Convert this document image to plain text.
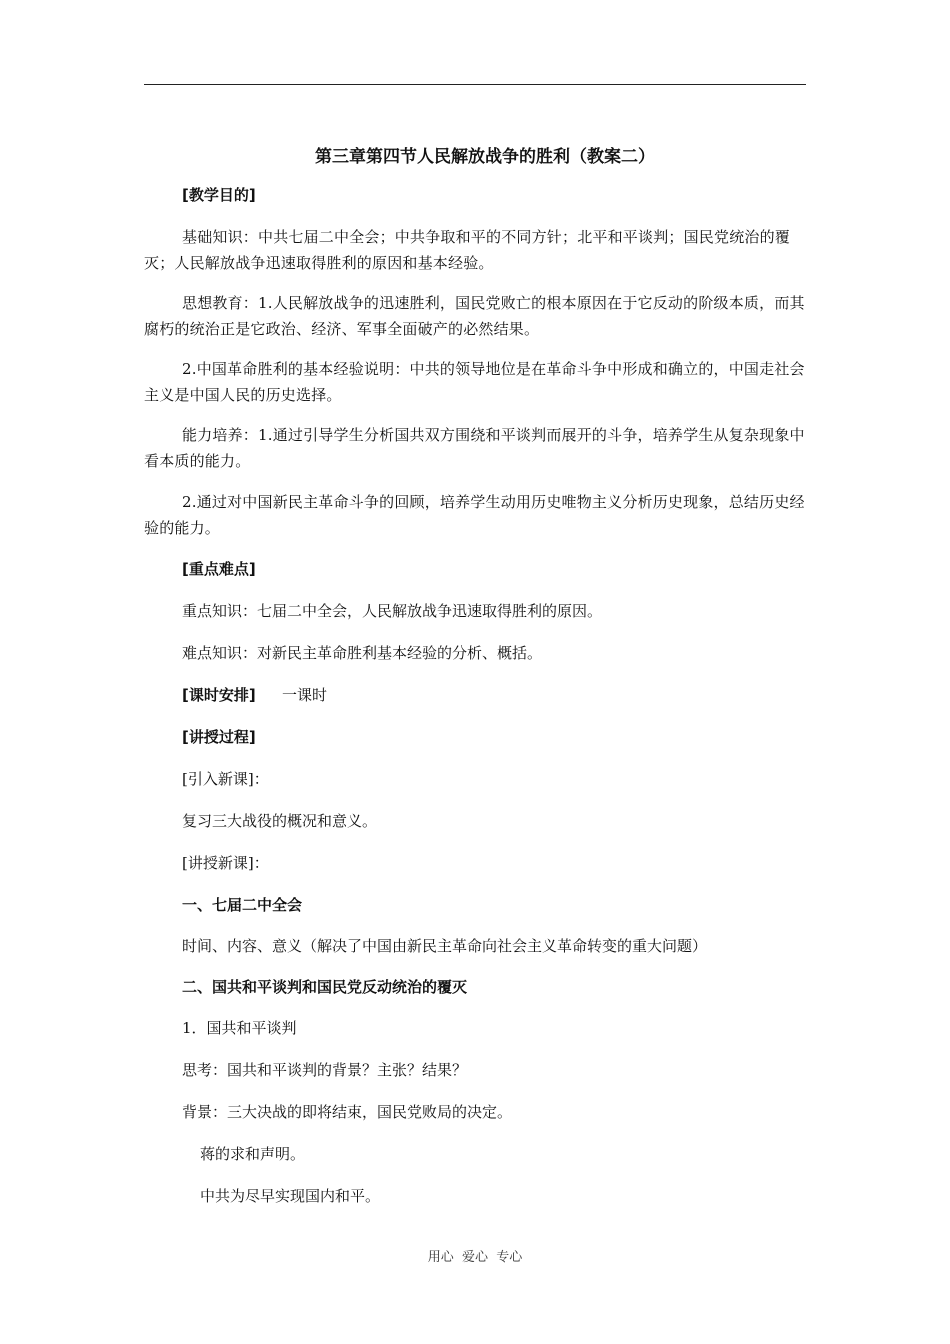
第三章第四节人民解放战争的胜利（教案二）
[教学目的]
基础知识：中共七届二中全会；中共争取和平的不同方针；北平和平谈判；国民党统治的覆灭；人民解放战争迅速取得胜利的原因和基本经验。
思想教育：1.人民解放战争的迅速胜利，国民党败亡的根本原因在于它反动的阶级本质，而其腐朽的统治正是它政治、经济、军事全面破产的必然结果。
2.中国革命胜利的基本经验说明：中共的领导地位是在革命斗争中形成和确立的，中国走社会主义是中国人民的历史选择。
能力培养：1.通过引导学生分析国共双方围绕和平谈判而展开的斗争，培养学生从复杂现象中看本质的能力。
2.通过对中国新民主革命斗争的回顾，培养学生动用历史唯物主义分析历史现象，总结历史经验的能力。
[重点难点]
重点知识：七届二中全会，人民解放战争迅速取得胜利的原因。
难点知识：对新民主革命胜利基本经验的分析、概括。
[课时安排] 一课时
[讲授过程]
[引入新课]：
复习三大战役的概况和意义。
[讲授新课]：
一、七届二中全会
时间、内容、意义（解决了中国由新民主革命向社会主义革命转变的重大问题）
二、国共和平谈判和国民党反动统治的覆灭
1．国共和平谈判
思考：国共和平谈判的背景？主张？结果？
背景：三大决战的即将结束，国民党败局的决定。
蒋的求和声明。
中共为尽早实现国内和平。
用心  爱心  专心
